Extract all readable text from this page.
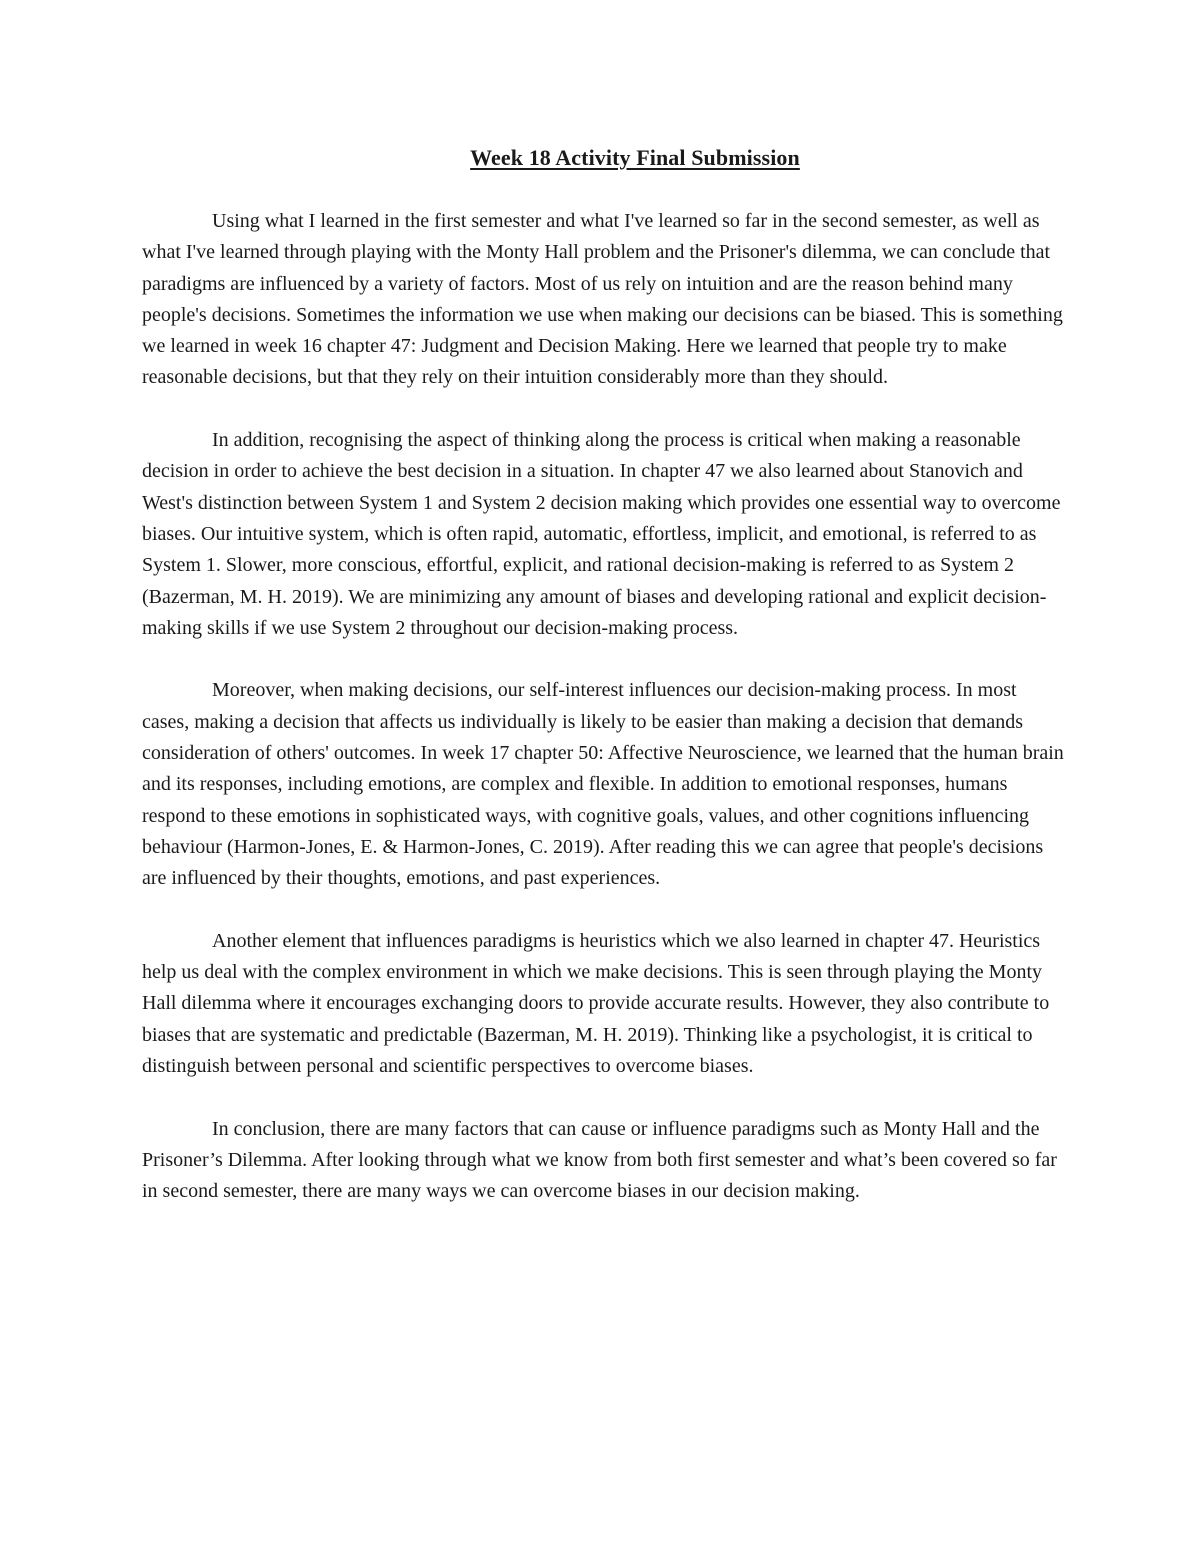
Week 18 Activity Final Submission

Using what I learned in the first semester and what I've learned so far in the second semester, as well as what I've learned through playing with the Monty Hall problem and the Prisoner's dilemma, we can conclude that paradigms are influenced by a variety of factors. Most of us rely on intuition and are the reason behind many people's decisions. Sometimes the information we use when making our decisions can be biased. This is something we learned in week 16 chapter 47: Judgment and Decision Making. Here we learned that people try to make reasonable decisions, but that they rely on their intuition considerably more than they should.

In addition, recognising the aspect of thinking along the process is critical when making a reasonable decision in order to achieve the best decision in a situation. In chapter 47 we also learned about Stanovich and West's distinction between System 1 and System 2 decision making which provides one essential way to overcome biases. Our intuitive system, which is often rapid, automatic, effortless, implicit, and emotional, is referred to as System 1. Slower, more conscious, effortful, explicit, and rational decision-making is referred to as System 2 (Bazerman, M. H. 2019). We are minimizing any amount of biases and developing rational and explicit decision-making skills if we use System 2 throughout our decision-making process.

Moreover, when making decisions, our self-interest influences our decision-making process. In most cases, making a decision that affects us individually is likely to be easier than making a decision that demands consideration of others' outcomes. In week 17 chapter 50: Affective Neuroscience, we learned that the human brain and its responses, including emotions, are complex and flexible. In addition to emotional responses, humans respond to these emotions in sophisticated ways, with cognitive goals, values, and other cognitions influencing behaviour (Harmon-Jones, E. & Harmon-Jones, C. 2019). After reading this we can agree that people's decisions are influenced by their thoughts, emotions, and past experiences.

Another element that influences paradigms is heuristics which we also learned in chapter 47. Heuristics help us deal with the complex environment in which we make decisions. This is seen through playing the Monty Hall dilemma where it encourages exchanging doors to provide accurate results. However, they also contribute to biases that are systematic and predictable (Bazerman, M. H. 2019). Thinking like a psychologist, it is critical to distinguish between personal and scientific perspectives to overcome biases.

In conclusion, there are many factors that can cause or influence paradigms such as Monty Hall and the Prisoner’s Dilemma. After looking through what we know from both first semester and what’s been covered so far in second semester, there are many ways we can overcome biases in our decision making.
